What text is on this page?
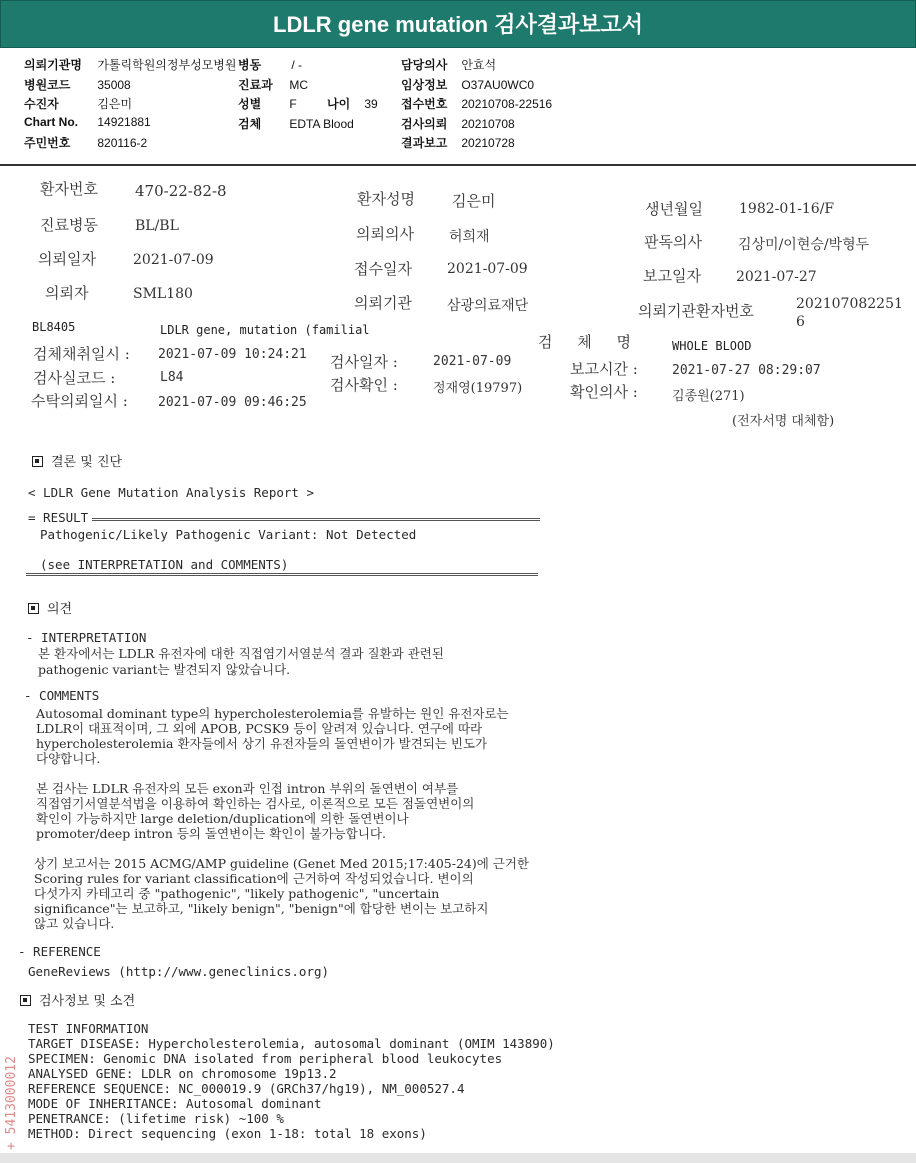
LDLR gene mutation 검사결과보고서
의뢰기관명 가톨릭학원의정부성모병원
병원코드 35008
수진자	김은미
Chart No. 14921881
주민번호 820116-2
병동	/ -
진료과 MC
성별 F	나이 39
검체 EDTA Blood
담당의사 안효석
임상정보 O37AU0WC0
접수번호 20210708-22516
검사의뢰 20210708
결과보고 20210728
환자번호 470-22-82-8
진료병동	BL/BL
의뢰일자	2021-07-09
의뢰자	SML180
환자성명 김은미
의뢰의사	허희재
접수일자	2021-07-09
의뢰기관	삼광의료재단
생년월일	1982-01-16/F
판독의사	김상미/이현승/박형두
보고일자	2021-07-27
의뢰기관환자번호	202107082251
6
BL8405	LDLR gene, mutation (familial
검체채취일시 : 2021-07-09 10:24:21
검사실코드 :	L84
수탁의뢰일시 : 2021-07-09 09:46:25
검사일자 :	2021-07-09
검사확인 :	정재영(19797)
검 체 명	WHOLE BLOOD
보고시간 :	2021-07-27 08:29:07
확인의사 :	김종원(271)
(전자서명 대체함)
결론 및 진단
< LDLR Gene Mutation Analysis Report >
= RESULT
Pathogenic/Likely Pathogenic Variant: Not Detected
(see INTERPRETATION and COMMENTS)
의견
- INTERPRETATION
본 환자에서는 LDLR 유전자에 대한 직접염기서열분석 결과 질환과 관련된
pathogenic variant는 발견되지 않았습니다.
- COMMENTS
Autosomal dominant type의 hypercholesterolemia를 유발하는 원인 유전자로는
LDLR이 대표적이며, 그 외에 APOB, PCSK9 등이 알려져 있습니다. 연구에 따라
hypercholesterolemia 환자들에서 상기 유전자들의 돌연변이가 발견되는 빈도가
다양합니다.
본 검사는 LDLR 유전자의 모든 exon과 인접 intron 부위의 돌연변이 여부를
직접염기서열분석법을 이용하여 확인하는 검사로, 이론적으로 모든 점돌연변이의
확인이 가능하지만 large deletion/duplication에 의한 돌연변이나
promoter/deep intron 등의 돌연변이는 확인이 불가능합니다.
상기 보고서는 2015 ACMG/AMP guideline (Genet Med 2015;17:405-24)에 근거한
Scoring rules for variant classification에 근거하여 작성되었습니다. 변이의
다섯가지 카테고리 중 "pathogenic", "likely pathogenic", "uncertain
significance"는 보고하고, "likely benign", "benign"에 합당한 변이는 보고하지
않고 있습니다.
- REFERENCE
GeneReviews (http://www.geneclinics.org)
검사정보 및 소견
TEST INFORMATION
TARGET DISEASE: Hypercholesterolemia, autosomal dominant (OMIM 143890)
SPECIMEN: Genomic DNA isolated from peripheral blood leukocytes
ANALYSED GENE: LDLR on chromosome 19p13.2
REFERENCE SEQUENCE: NC_000019.9 (GRCh37/hg19), NM_000527.4
MODE OF INHERITANCE: Autosomal dominant
PENETRANCE: (lifetime risk) ~100 %
METHOD: Direct sequencing (exon 1-18: total 18 exons)
+ 5413000012
